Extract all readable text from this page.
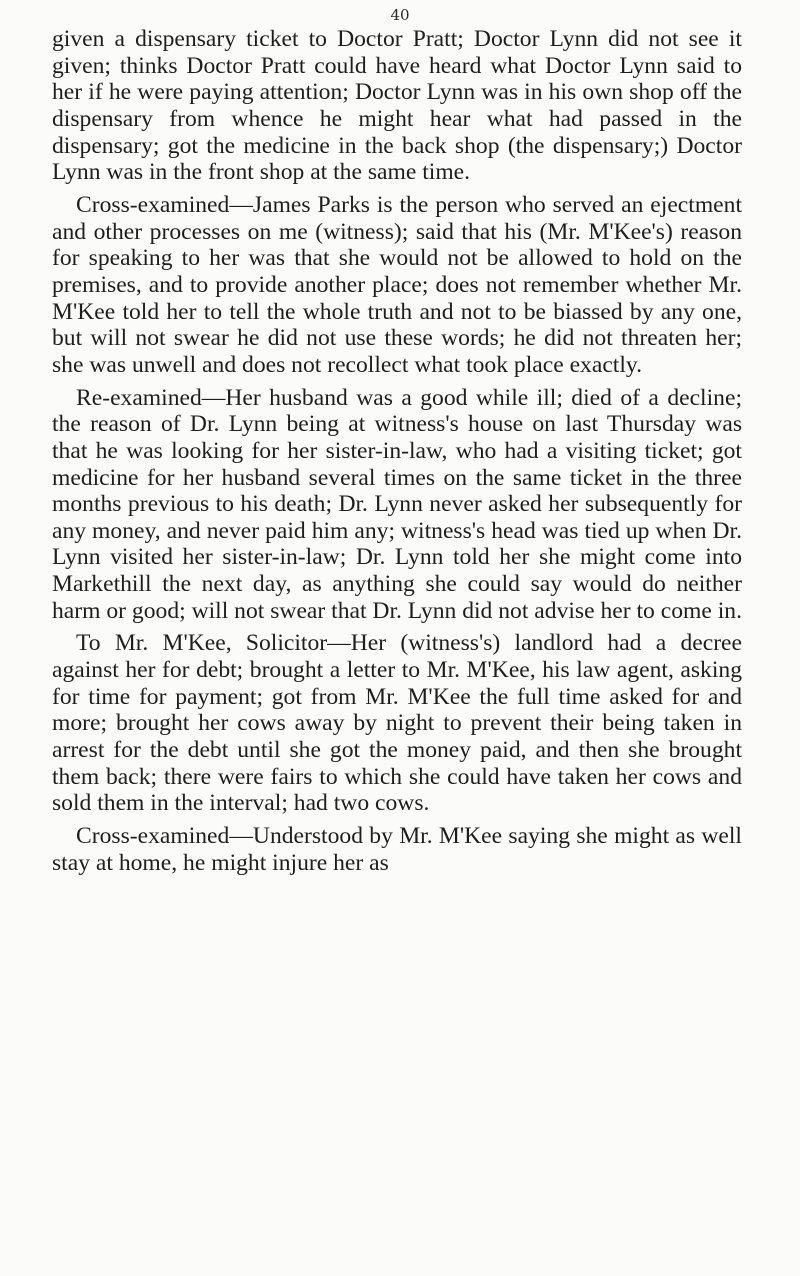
40

given a dispensary ticket to Doctor Pratt; Doctor Lynn did not see it given; thinks Doctor Pratt could have heard what Doctor Lynn said to her if he were paying attention; Doctor Lynn was in his own shop off the dispensary from whence he might hear what had passed in the dispensary; got the medicine in the back shop (the dispensary;) Doctor Lynn was in the front shop at the same time.

Cross-examined—James Parks is the person who served an ejectment and other processes on me (witness); said that his (Mr. M'Kee's) reason for speaking to her was that she would not be allowed to hold on the premises, and to provide another place; does not remember whether Mr. M'Kee told her to tell the whole truth and not to be biassed by any one, but will not swear he did not use these words; he did not threaten her; she was unwell and does not recollect what took place exactly.

Re-examined—Her husband was a good while ill; died of a decline; the reason of Dr. Lynn being at witness's house on last Thursday was that he was looking for her sister-in-law, who had a visiting ticket; got medicine for her husband several times on the same ticket in the three months previous to his death; Dr. Lynn never asked her subsequently for any money, and never paid him any; witness's head was tied up when Dr. Lynn visited her sister-in-law; Dr. Lynn told her she might come into Markethill the next day, as anything she could say would do neither harm or good; will not swear that Dr. Lynn did not advise her to come in.

To Mr. M'Kee, Solicitor—Her (witness's) landlord had a decree against her for debt; brought a letter to Mr. M'Kee, his law agent, asking for time for payment; got from Mr. M'Kee the full time asked for and more; brought her cows away by night to prevent their being taken in arrest for the debt until she got the money paid, and then she brought them back; there were fairs to which she could have taken her cows and sold them in the interval; had two cows.

Cross-examined—Understood by Mr. M'Kee saying she might as well stay at home, he might injure her as
